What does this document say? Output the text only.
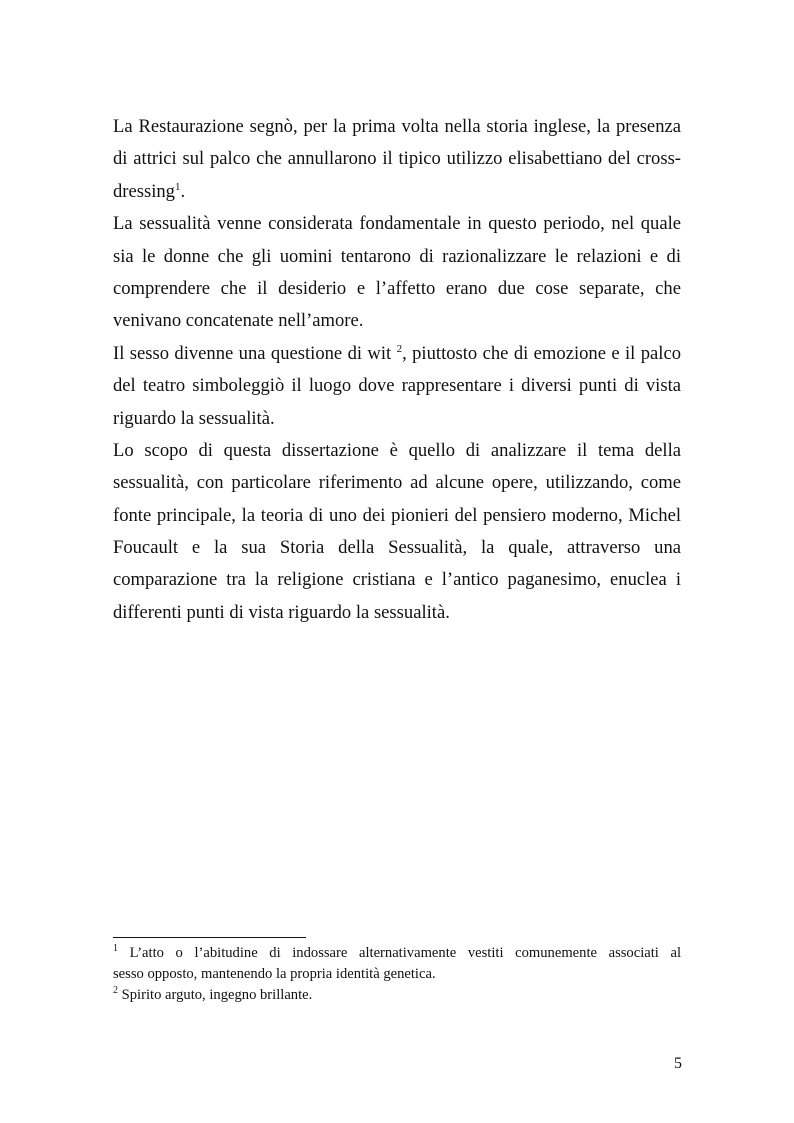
La Restaurazione segnò, per la prima volta nella storia inglese, la presenza
di attrici sul palco che annullarono il tipico utilizzo elisabettiano del cross-
dressing$^1$.
La sessualità venne considerata fondamentale in questo periodo, nel quale
sia le donne che gli uomini tentarono di razionalizzare le relazioni e di
comprendere che il desiderio e l’affetto erano due cose separate, che
venivano concatenate nell’amore.
Il sesso divenne una questione di wit $^2$, piuttosto che di emozione e il palco
del teatro simboleggiò il luogo dove rappresentare i diversi punti di vista
riguardo la sessualità.
Lo scopo di questa dissertazione è quello di analizzare il tema della
sessualità, con particolare riferimento ad alcune opere, utilizzando, come
fonte principale, la teoria di uno dei pionieri del pensiero moderno, Michel
Foucault e la sua Storia della Sessualità, la quale, attraverso una
comparazione tra la religione cristiana e l’antico paganesimo, enuclea i
differenti punti di vista riguardo la sessualità.
$^1$ L’atto o l’abitudine di indossare alternativamente vestiti comunemente associati al
sesso opposto, mantenendo la propria identità genetica.
$^2$ Spirito arguto, ingegno brillante.
5
